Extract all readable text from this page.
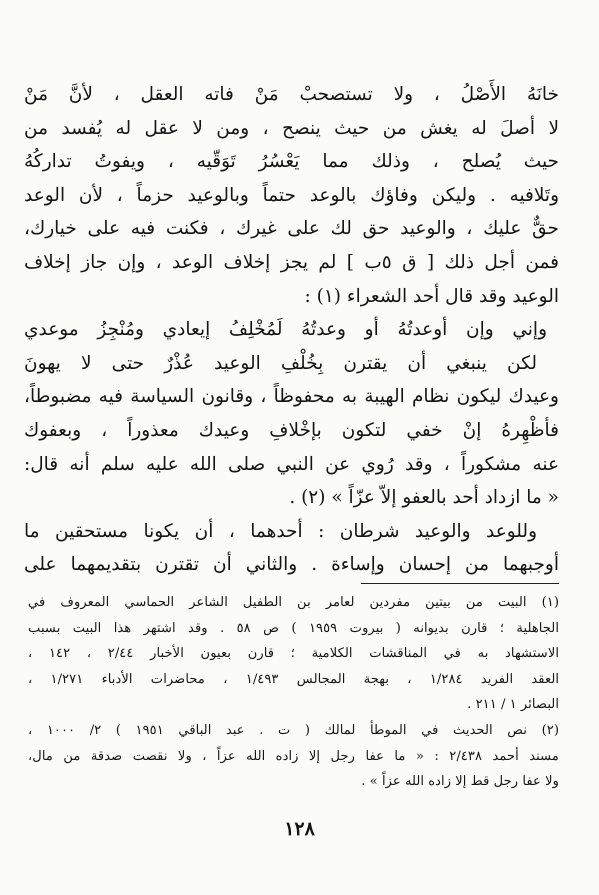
خانَهُ الأَصْلُ ، ولا تستصحبْ مَنْ فاته العقل ، لأنَّ مَنْ
لا أصلَ له يغش من حيث ينصح ، ومن لا عقل له يُفسد من
حيث يُصلح ، وذلك مما يَعْسُرُ تَوَقّيه ، ويفوتُ تداركُهُ
وتَلافيه . وليكن وفاؤك بالوعد حتماً وبالوعيد حزماً ، لأن الوعد
حقٌّ عليك ، والوعيد حق لك على غيرك ، فكنت فيه على خيارك،
فمن أجل ذلك [ ق ٥ب ] لم يجز إخلاف الوعد ، وإن جاز إخلاف
الوعيد وقد قال أحد الشعراء (١) :
وإني وإن أوعدتُهُ أو وعدتُهُ لَمُخْلِفُ إيعادي ومُنْجِزُ موعدي
لكن ينبغي أن يقترن بِخُلْفِ الوعيد عُذْرٌ حتى لا يهونَ
وعيدك ليكون نظام الهيبة به محفوظاً ، وقانون السياسة فيه مضبوطاً،
فأظْهِرهُ إنْ خفي لتكون بإخْلافِ وعيدك معذوراً ، وبعفوك
عنه مشكوراً ، وقد رُوي عن النبي صلى الله عليه سلم أنه قال:
« ما ازداد أحد بالعفو إلاّ عزّاً » (٢) .
وللوعد والوعيد شرطان : أحدهما ، أن يكونا مستحقين ما
أوجبهما من إحسان وإساءة . والثاني أن تقترن بتقديمهما على
(١) البيت من بيتين مفردين لعامر بن الطفيل الشاعر الحماسي المعروف في
الجاهلية ؛ قارن بديوانه ( بيروت ١٩٥٩ ) ص ٥٨ . وقد اشتهر هذا البيت بسبب
الاستشهاد به في المناقشات الكلامية ؛ قارن بعيون الأخبار ٢/٤٤ ، ١٤٢ ،
العقد الفريد ١/٢٨٤ ، بهجة المجالس ١/٤٩٣ ، محاضرات الأدباء ١/٢٧١ ،
البصائر ١ / ٢١١ .
(٢) نص الحديث في الموطأ لمالك ( ت . عبد الباقي ١٩٥١ ) ٢/ ١٠٠٠ ،
مسند أحمد ٢/٤٣٨ : « ما عفا رجل إلا زاده الله عزاً ، ولا نقصت صدقة من مال،
ولا عفا رجل قط إلا زاده الله عزاً » .
١٢٨
